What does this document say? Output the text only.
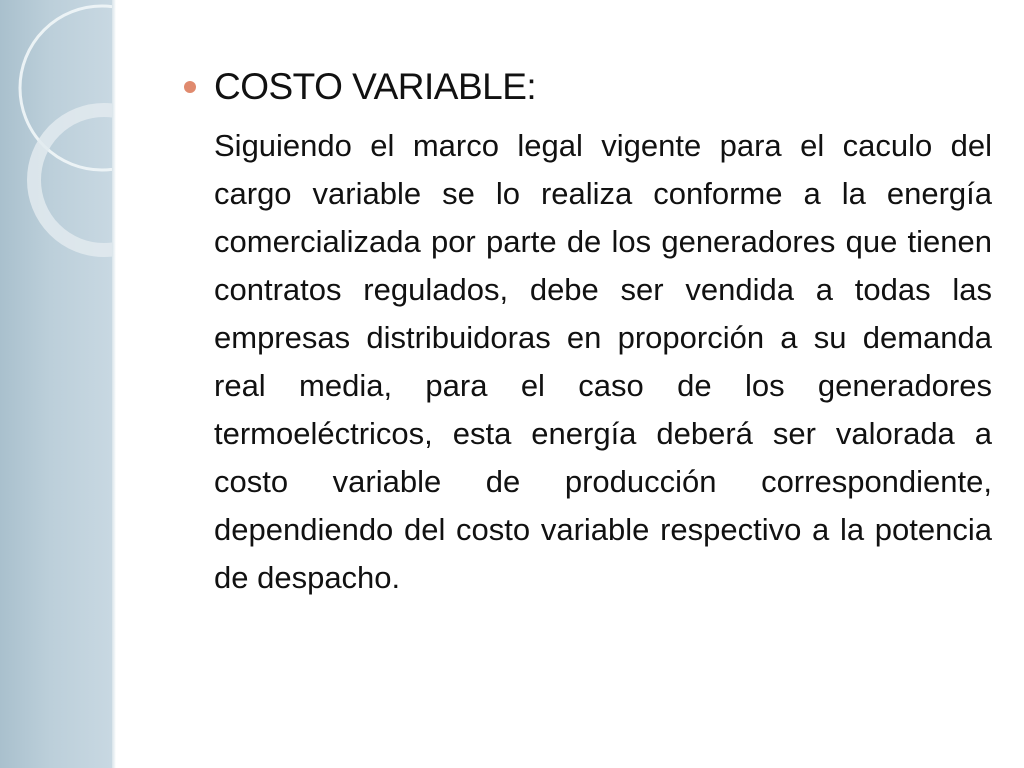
COSTO VARIABLE:

Siguiendo el marco legal vigente para el caculo del cargo variable se lo realiza conforme a la energía comercializada por parte de los generadores que tienen contratos regulados, debe ser vendida a todas las empresas distribuidoras en proporción a su demanda real media, para el caso de los generadores termoeléctricos, esta energía deberá ser valorada a costo variable de producción correspondiente, dependiendo del costo variable respectivo a la potencia de despacho.
